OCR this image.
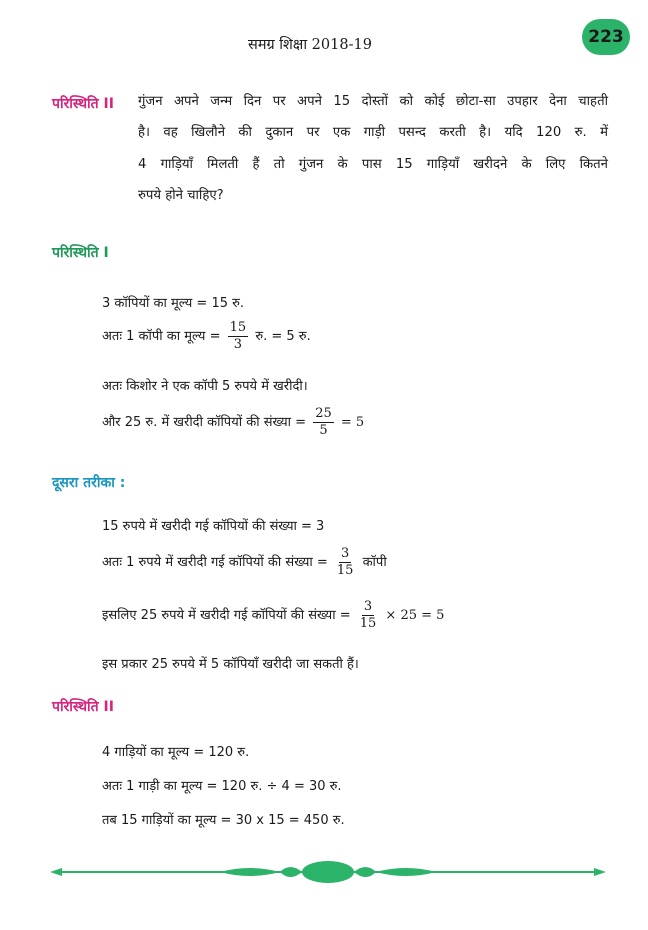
समग्र शिक्षा 2018-19	223
परिस्थिति II गुंजन अपने जन्म दिन पर अपने 15 दोस्तों को कोई छोटा-सा उपहार देना चाहती
है। वह खिलौने की दुकान पर एक गाड़ी पसन्द करती है। यदि 120 रु. में
4 गाड़ियाँ मिलती हैं तो गुंजन के पास 15 गाड़ियाँ खरीदने के लिए कितने
रुपये होने चाहिए?
परिस्थिति I
3 कॉपियों का मूल्य = 15 रु.
अतः 1 कॉपी का मूल्य = $\frac{15}{3}$ रु. = 5 रु.
अतः किशोर ने एक कॉपी 5 रुपये में खरीदी।
और 25 रु. में खरीदी कॉपियों की संख्या = $\frac{25}{5} = 5$
दूसरा तरीका :
15 रुपये में खरीदी गई कॉपियों की संख्या = 3
अतः 1 रुपये में खरीदी गई कॉपियों की संख्या = $\frac{3}{15}$ कॉपी
इसलिए 25 रुपये में खरीदी गई कॉपियों की संख्या = $\frac{3}{15} \times 25 = 5$
इस प्रकार 25 रुपये में 5 कॉपियाँ खरीदी जा सकती हैं।
परिस्थिति II
4 गाड़ियों का मूल्य = 120 रु.
अतः 1 गाड़ी का मूल्य = 120 रु. ÷ 4 = 30 रु.
तब 15 गाड़ियों का मूल्य = 30 x 15 = 450 रु.
